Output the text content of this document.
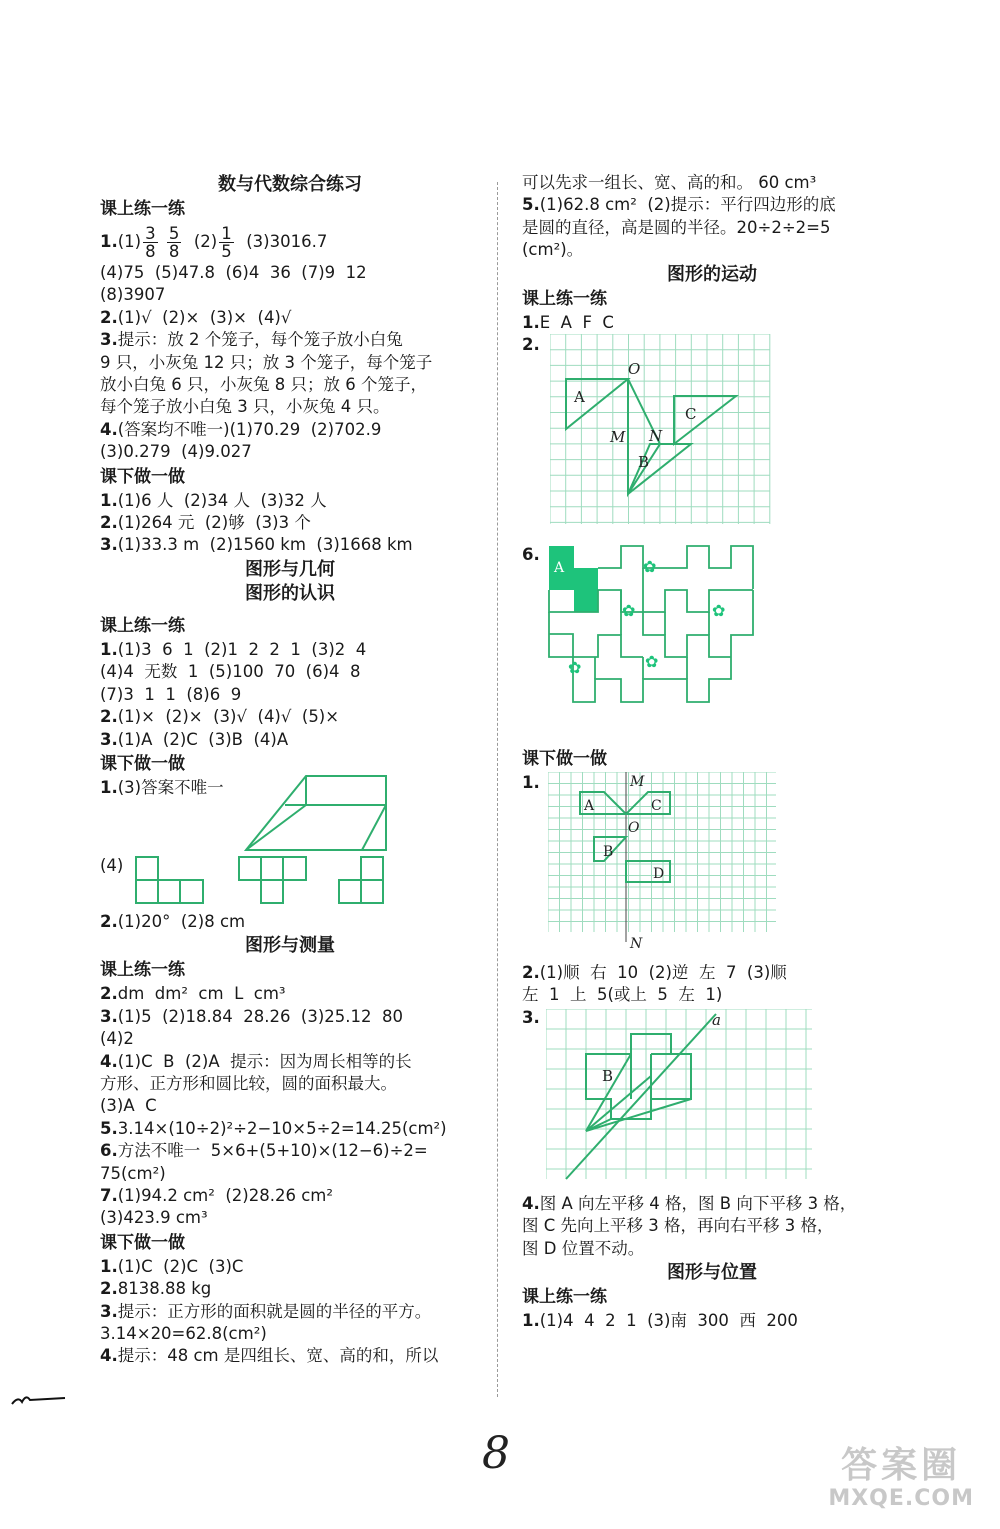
数与代数综合练习
课上练一练
$1.(1) \frac{3}{8}$
$\frac{5}{8} (2) \frac{1}{5} (3)3016.7$
(4)75  (5)47.8  (6)4  36  (7)9  12
(8)3907
2.(1)√  (2)×  (3)×  (4)√
3.提示：放 2 个笼子，每个笼子放小白兔
9 只，小灰兔 12 只；放 3 个笼子，每个笼子
放小白兔 6 只，小灰兔 8 只；放 6 个笼子，
每个笼子放小白兔 3 只，小灰兔 4 只。
4.(答案均不唯一)(1)70.29  (2)702.9
(3)0.279  (4)9.027
课下做一做
1.(1)6 人  (2)34 人  (3)32 人
2.(1)264 元  (2)够  (3)3 个
3.(1)33.3 m  (2)1560 km  (3)1668 km
图形与几何
图形的认识
课上练一练
1.(1)3  6  1  (2)1  2  2  1  (3)2  4
(4)4  无数  1  (5)100  70  (6)4  8
(7)3  1  1  (8)6  9
2.(1)×  (2)×  (3)√  (4)√  (5)×
3.(1)A  (2)C  (3)B  (4)A
课下做一做
1.(3)答案不唯一
(4)
2.(1)20°  (2)8 cm
图形与测量
课上练一练
2.dm  dm²  cm  L  cm³
3.(1)5  (2)18.84  28.26  (3)25.12  80
(4)2
4.(1)C  B  (2)A  提示：因为周长相等的长
方形、正方形和圆比较，圆的面积最大。
(3)A  C
5.3.14×(10÷2)²÷2−10×5÷2=14.25(cm²)
6.方法不唯一  5×6+(5+10)×(12−6)÷2=
75(cm²)
7.(1)94.2 cm²  (2)28.26 cm²
(3)423.9 cm³
课下做一做
1.(1)C  (2)C  (3)C
2.8138.88 kg
3.提示：正方形的面积就是圆的半径的平方。
3.14×20=62.8(cm²)
4.提示：48 cm 是四组长、宽、高的和，所以
可以先求一组长、宽、高的和。 60 cm³
5.(1)62.8 cm²  (2)提示：平行四边形的底
是圆的直径，高是圆的半径。20÷2÷2=5
(cm²)。
图形的运动
课上练一练
1.E  A  F  C
2.
A
O
C
M N
B
6.
A	✿
✿	✿
✿
✿
课下做一做
1.
A
M
C
O
B
D
N
2.(1)顺  右  10  (2)逆  左  7  (3)顺
左  1  上  5(或上  5  左  1)
3.
B
a
4.图 A 向左平移 4 格，图 B 向下平移 3 格，
图 C 先向上平移 3 格，再向右平移 3 格，
图 D 位置不动。
图形与位置
课上练一练
1.(1)4  4  2  1  (3)南  300  西  200
8	答案圈
MXQE.COM
